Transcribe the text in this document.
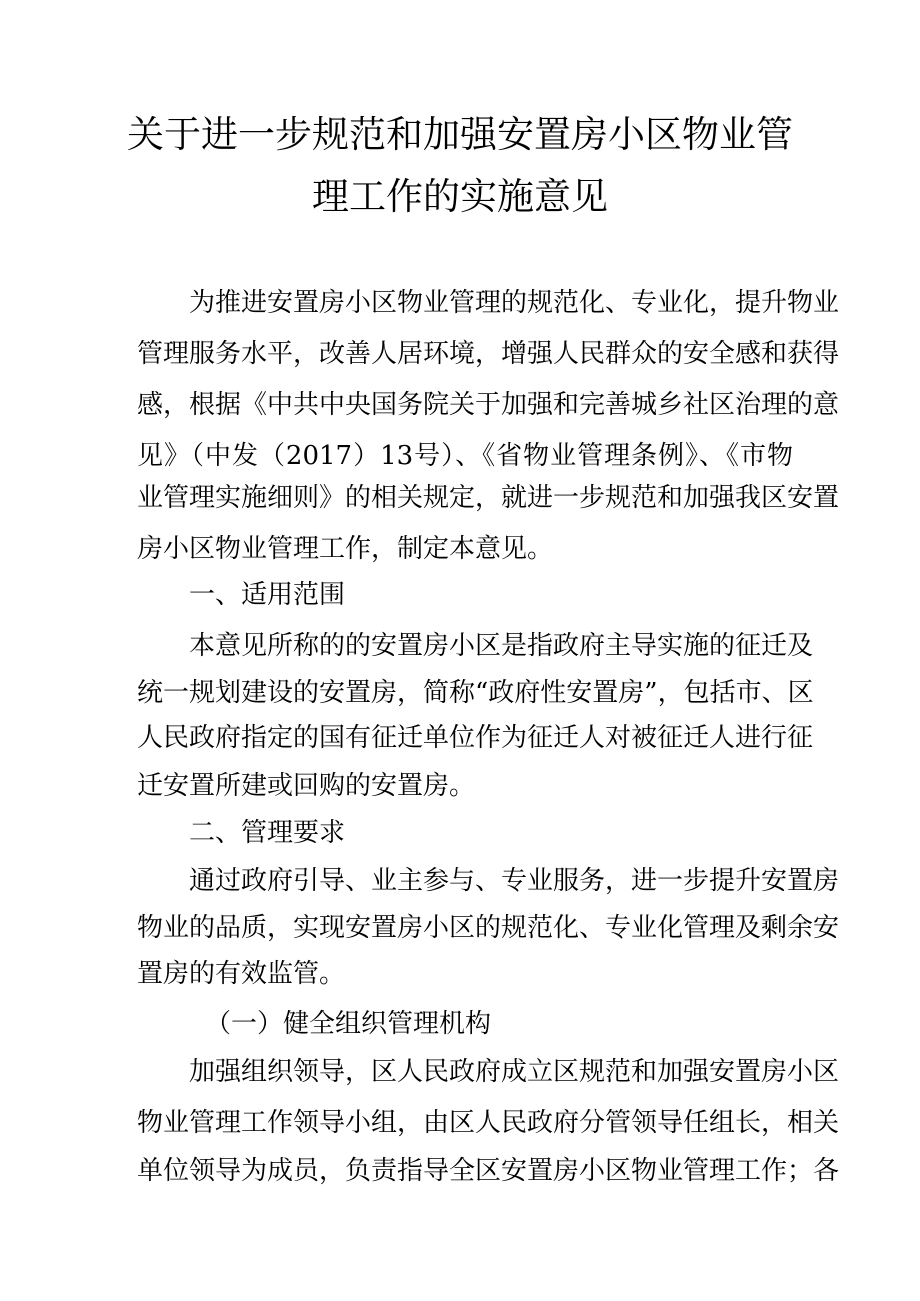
关于进一步规范和加强安置房小区物业管
理工作的实施意见
为推进安置房小区物业管理的规范化、专业化，提升物业
管理服务水平，改善人居环境，增强人民群众的安全感和获得
感，根据《中共中央国务院关于加强和完善城乡社区治理的意
见》（中发（2017）13号）、《省物业管理条例》、《市物
业管理实施细则》的相关规定，就进一步规范和加强我区安置
房小区物业管理工作，制定本意见。
一、适用范围
本意见所称的的安置房小区是指政府主导实施的征迁及
统一规划建设的安置房，简称“政府性安置房”，包括市、区
人民政府指定的国有征迁单位作为征迁人对被征迁人进行征
迁安置所建或回购的安置房。
二、管理要求
通过政府引导、业主参与、专业服务，进一步提升安置房
物业的品质，实现安置房小区的规范化、专业化管理及剩余安
置房的有效监管。
（一）健全组织管理机构
加强组织领导，区人民政府成立区规范和加强安置房小区
物业管理工作领导小组，由区人民政府分管领导任组长，相关
单位领导为成员，负责指导全区安置房小区物业管理工作；各
